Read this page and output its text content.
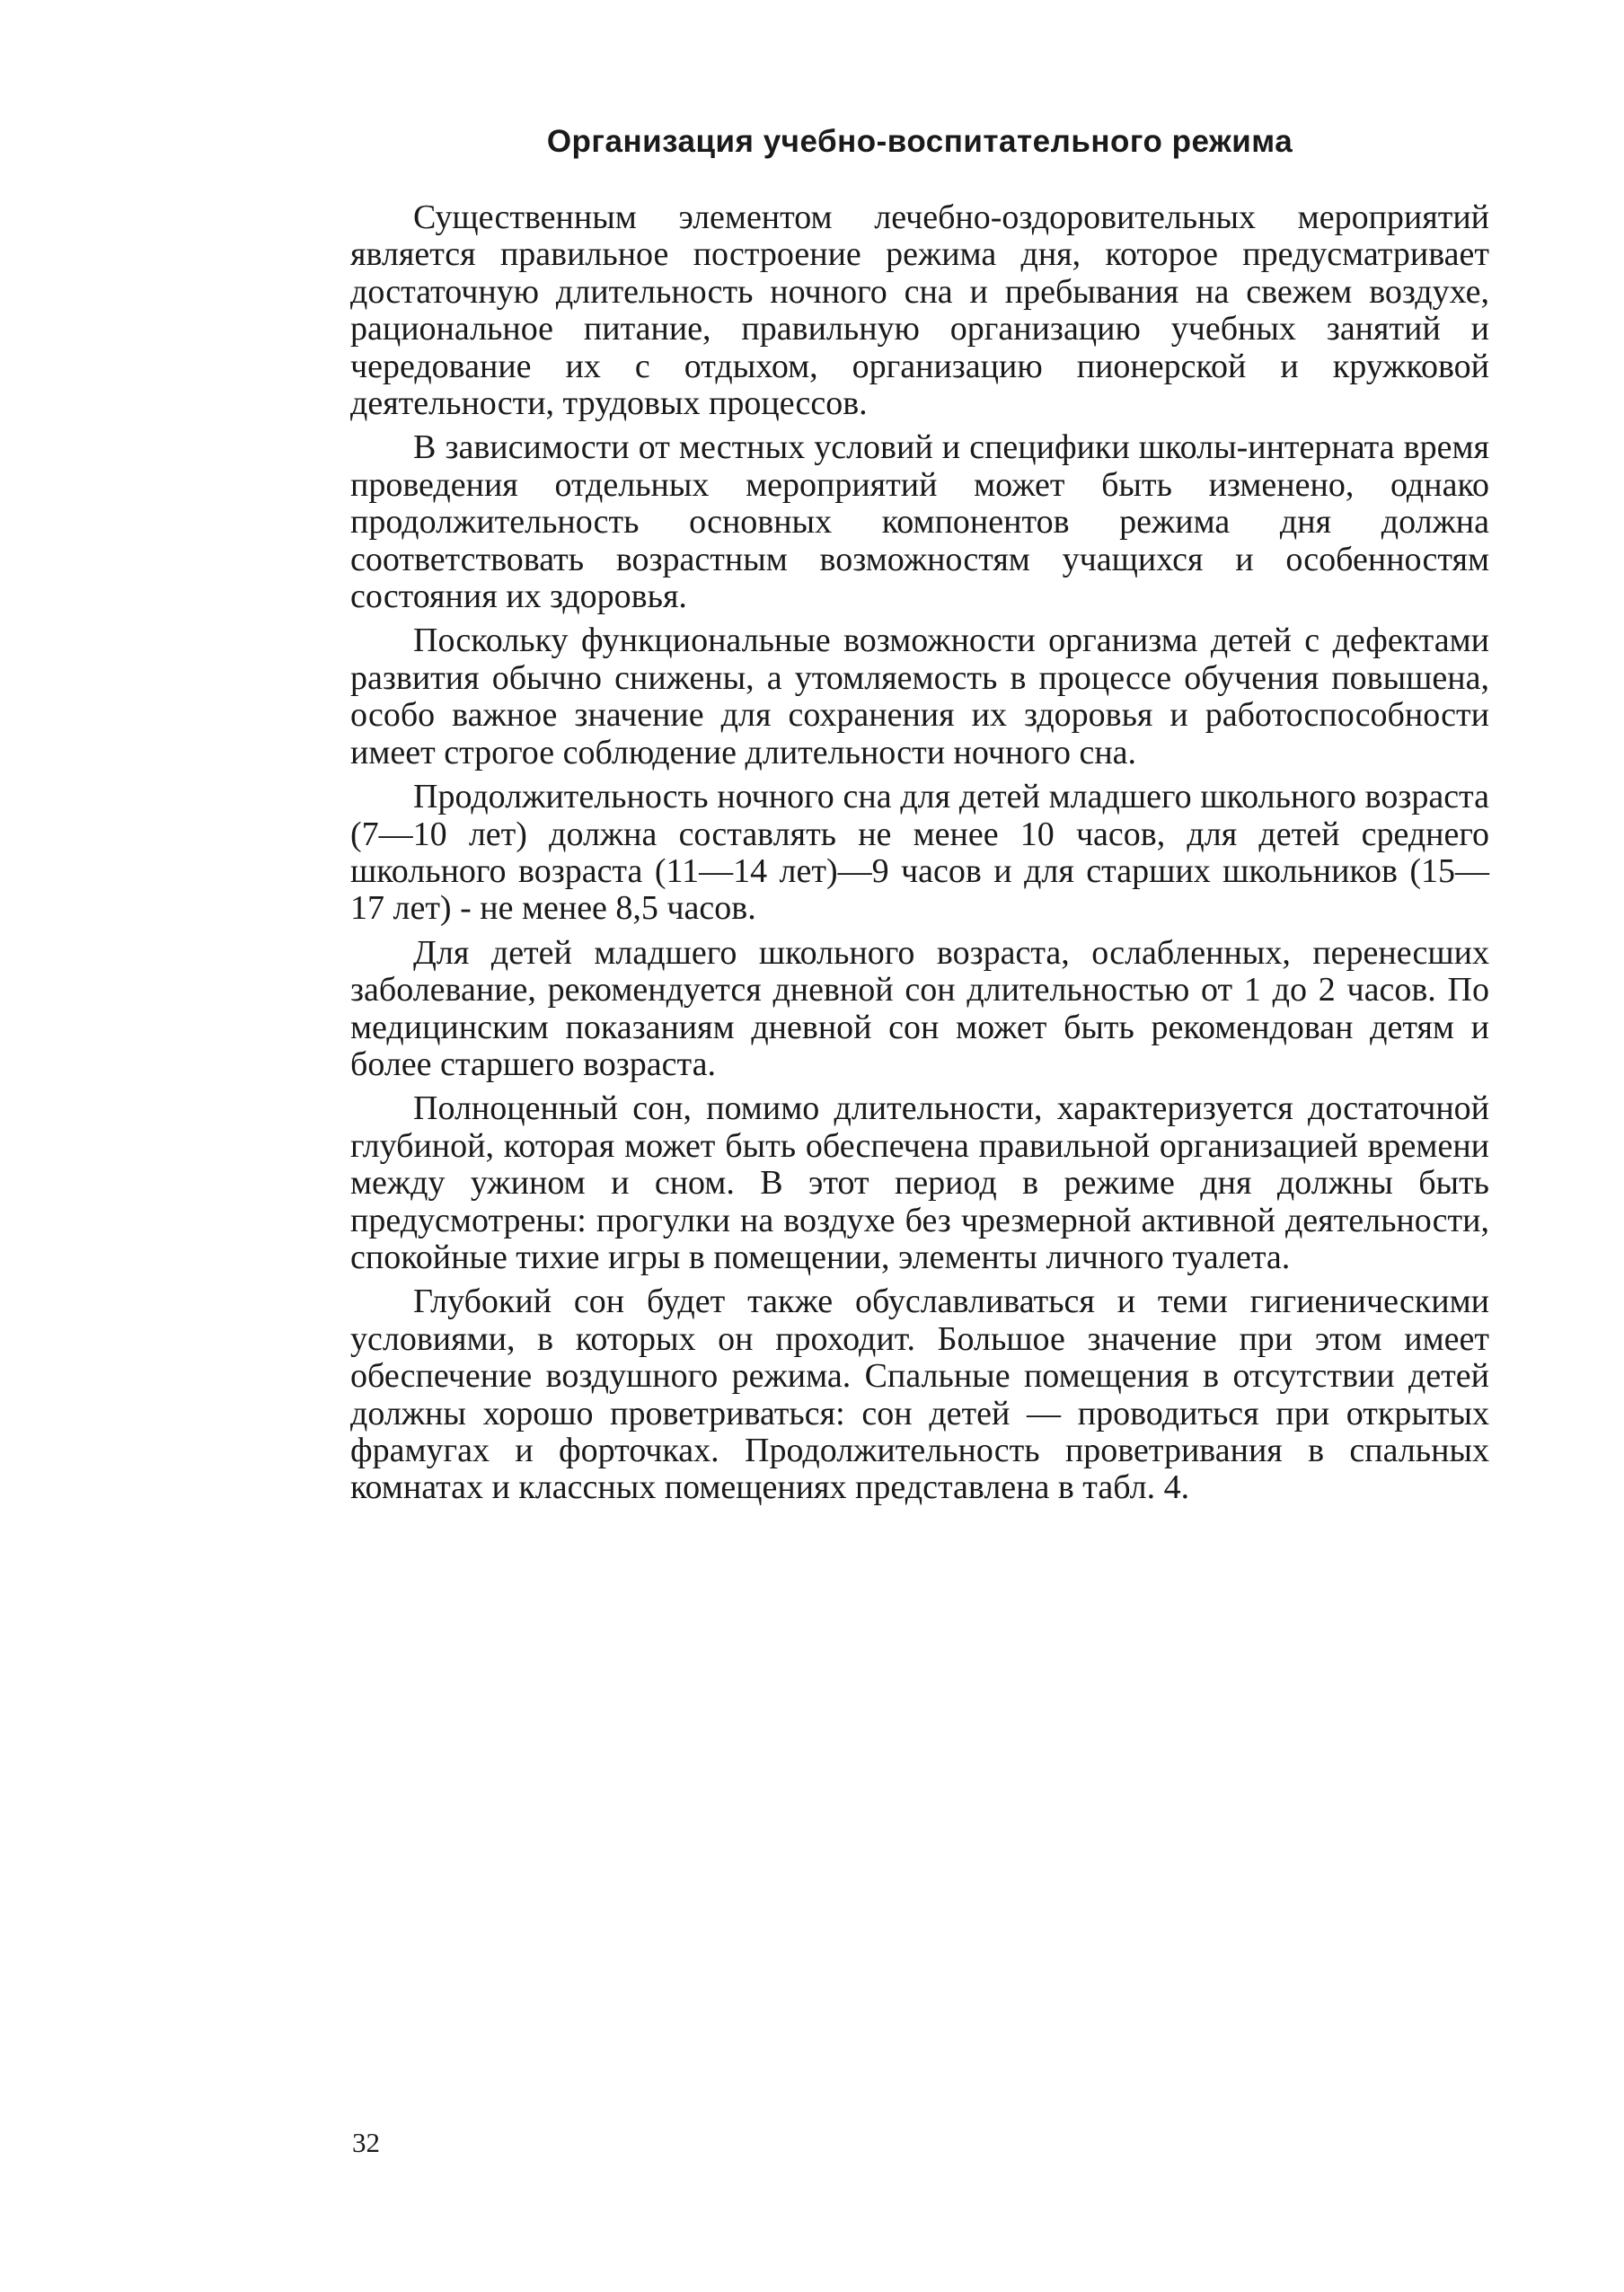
Организация учебно-воспитательного режима

Существенным элементом лечебно-оздоровительных мероприятий является правильное построение режима дня, которое предусматривает достаточную длительность ночного сна и пребывания на свежем воздухе, рациональное питание, правильную организацию учебных занятий и чередование их с отдыхом, организацию пионерской и кружковой деятельности, трудовых процессов.

В зависимости от местных условий и специфики школы-интерната время проведения отдельных мероприятий может быть изменено, однако продолжительность основных компонентов режима дня должна соответствовать возрастным возможностям учащихся и особенностям состояния их здоровья.

Поскольку функциональные возможности организма детей с дефектами развития обычно снижены, а утомляемость в процессе обучения повышена, особо важное значение для сохранения их здоровья и работоспособности имеет строгое соблюдение длительности ночного сна.

Продолжительность ночного сна для детей младшего школьного возраста (7—10 лет) должна составлять не менее 10 часов, для детей среднего школьного возраста (11—14 лет)—9 часов и для старших школьников (15—17 лет) - не менее 8,5 часов.

Для детей младшего школьного возраста, ослабленных, перенесших заболевание, рекомендуется дневной сон длительностью от 1 до 2 часов. По медицинским показаниям дневной сон может быть рекомендован детям и более старшего возраста.

Полноценный сон, помимо длительности, характеризуется достаточной глубиной, которая может быть обеспечена правильной организацией времени между ужином и сном. В этот период в режиме дня должны быть предусмотрены: прогулки на воздухе без чрезмерной активной деятельности, спокойные тихие игры в помещении, элементы личного туалета.

Глубокий сон будет также обуславливаться и теми гигиеническими условиями, в которых он проходит. Большое значение при этом имеет обеспечение воздушного режима. Спальные помещения в отсутствии детей должны хорошо проветриваться: сон детей — проводиться при открытых фрамугах и форточках. Продолжительность проветривания в спальных комнатах и классных помещениях представлена в табл. 4.

32
